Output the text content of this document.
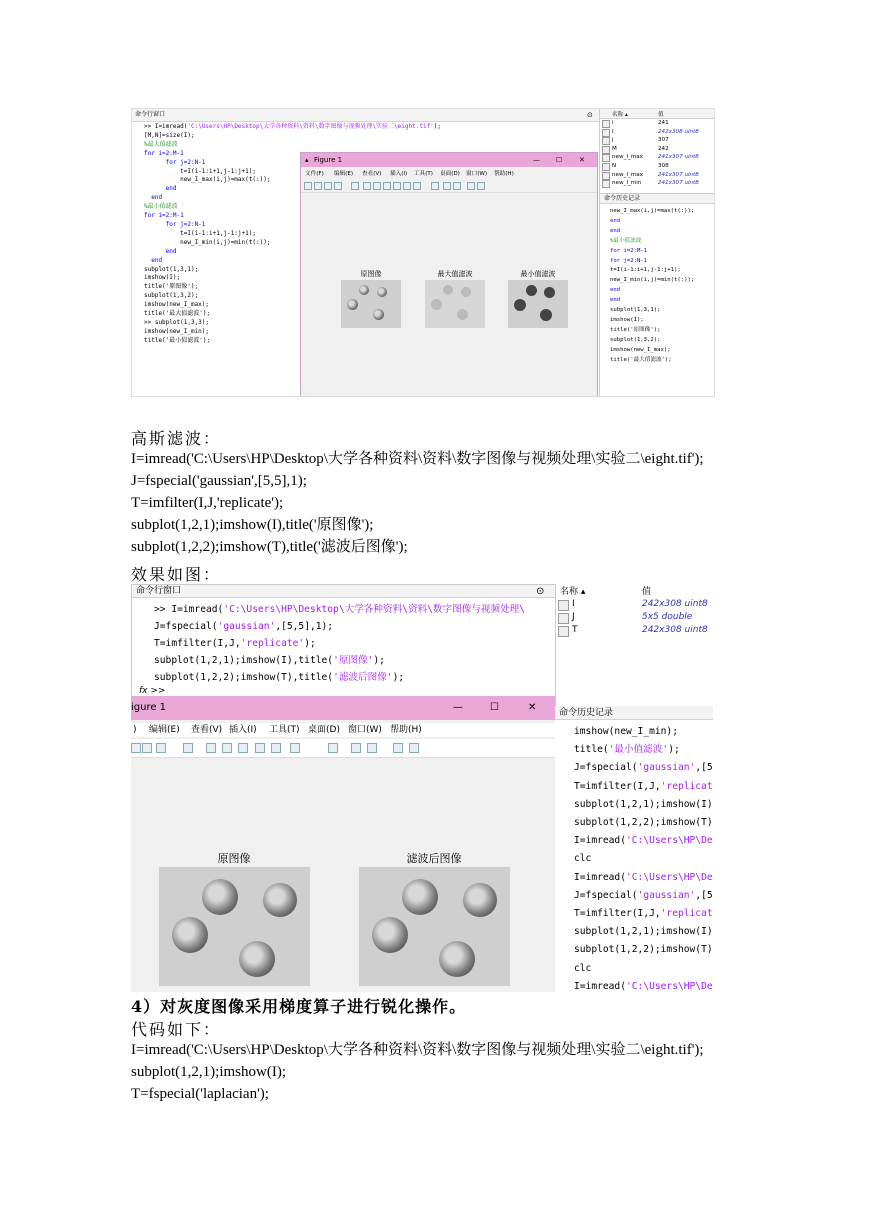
命令行窗口	⊙
>> I=imread('C:\Users\HP\Desktop\大学各种资料\资料\数字图像与视频处理\实验二\eight.tif');
[M,N]=size(I);
%最大值滤波
for i=2:M-1
for j=2:N-1
t=I(i-1:i+1,j-1:j+1);
new_I_max(i,j)=max(t(:));
end
end
%最小值滤波
for i=2:M-1
for j=2:N-1
t=I(i-1:i+1,j-1:j+1);
new_I_min(i,j)=min(t(:));
end
end
subplot(1,3,1);
imshow(I);
title('原图像');
subplot(1,3,2);
imshow(new_I_max);
title('最大值滤波');
>> subplot(1,3,3);
imshow(new_I_min);
title('最小值滤波');
名称 ▴	值
i	241
I	242x308 uint8
j	307
M	242
new_I_max	241x307 uint8
N	308
new_I_max	241x307 uint8
new_I_min	241x307 uint8
命令历史记录
new_I_max(i,j)=max(t(:));
end
end
%最小值滤波
for i=2:M-1
for j=2:N-1
t=I(i-1:i+1,j-1:j+1);
new_I_min(i,j)=min(t(:));
end
end
subplot(1,3,1);
imshow(I);
title('原图像');
subplot(1,3,2);
imshow(new_I_max);
title('最大值滤波');
▴ Figure 1	— ☐ ✕
文件(F) 编辑(E) 查看(V) 插入(I) 工具(T) 桌面(D) 窗口(W) 帮助(H)
原图像	最大值滤波	最小值滤波
高斯滤波：
I=imread('C:\Users\HP\Desktop\大学各种资料\资料\数字图像与视频处理\实验二\eight.tif');
J=fspecial('gaussian',[5,5],1);
T=imfilter(I,J,'replicate');
subplot(1,2,1);imshow(I),title('原图像');
subplot(1,2,2);imshow(T),title('滤波后图像');
效果如图：
命令行窗口	⊙
>> I=imread('C:\Users\HP\Desktop\大学各种资料\资料\数字图像与视频处理\
J=fspecial('gaussian',[5,5],1);
T=imfilter(I,J,'replicate');
subplot(1,2,1);imshow(I),title('原图像');
subplot(1,2,2);imshow(T),title('滤波后图像');
fx >>
名称 ▴	值
I	242x308 uint8
J	5x5 double
T	242x308 uint8
命令历史记录
imshow(new_I_min);
title('最小值滤波');
J=fspecial('gaussian',[5
T=imfilter(I,J,'replicat
subplot(1,2,1);imshow(I)
subplot(1,2,2);imshow(T)
I=imread('C:\Users\HP\De
clc
I=imread('C:\Users\HP\De
J=fspecial('gaussian',[5
T=imfilter(I,J,'replicat
subplot(1,2,1);imshow(I)
subplot(1,2,2);imshow(T)
clc
I=imread('C:\Users\HP\De
igure 1	—	☐	✕
) 编辑(E) 查看(V) 插入(I) 工具(T) 桌面(D) 窗口(W) 帮助(H)
原图像	滤波后图像
4）对灰度图像采用梯度算子进行锐化操作。
代码如下：
I=imread('C:\Users\HP\Desktop\大学各种资料\资料\数字图像与视频处理\实验二\eight.tif');
subplot(1,2,1);imshow(I);
T=fspecial('laplacian');
